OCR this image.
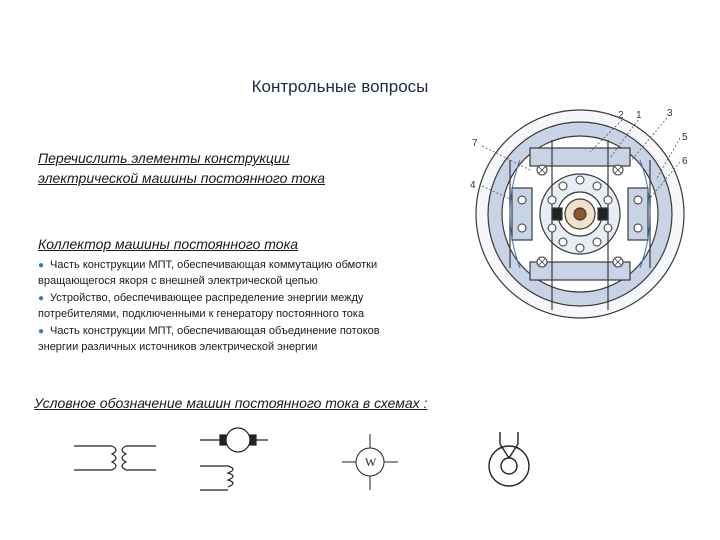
Контрольные вопросы
Перечислить элементы конструкции
электрической машины постоянного тока
Коллектор машины постоянного тока
● Часть конструкции МПТ, обеспечивающая коммутацию обмотки
вращающегося якоря с внешней электрической цепью
● Устройство, обеспечивающее распределение энергии между
потребителями, подключенными к генератору постоянного тока
● Часть конструкции МПТ, обеспечивающая объединение потоков
энергии различных источников электрической энергии
Условное обозначение машин постоянного тока в схемах :
2 1	3
5
6
7
4
W
